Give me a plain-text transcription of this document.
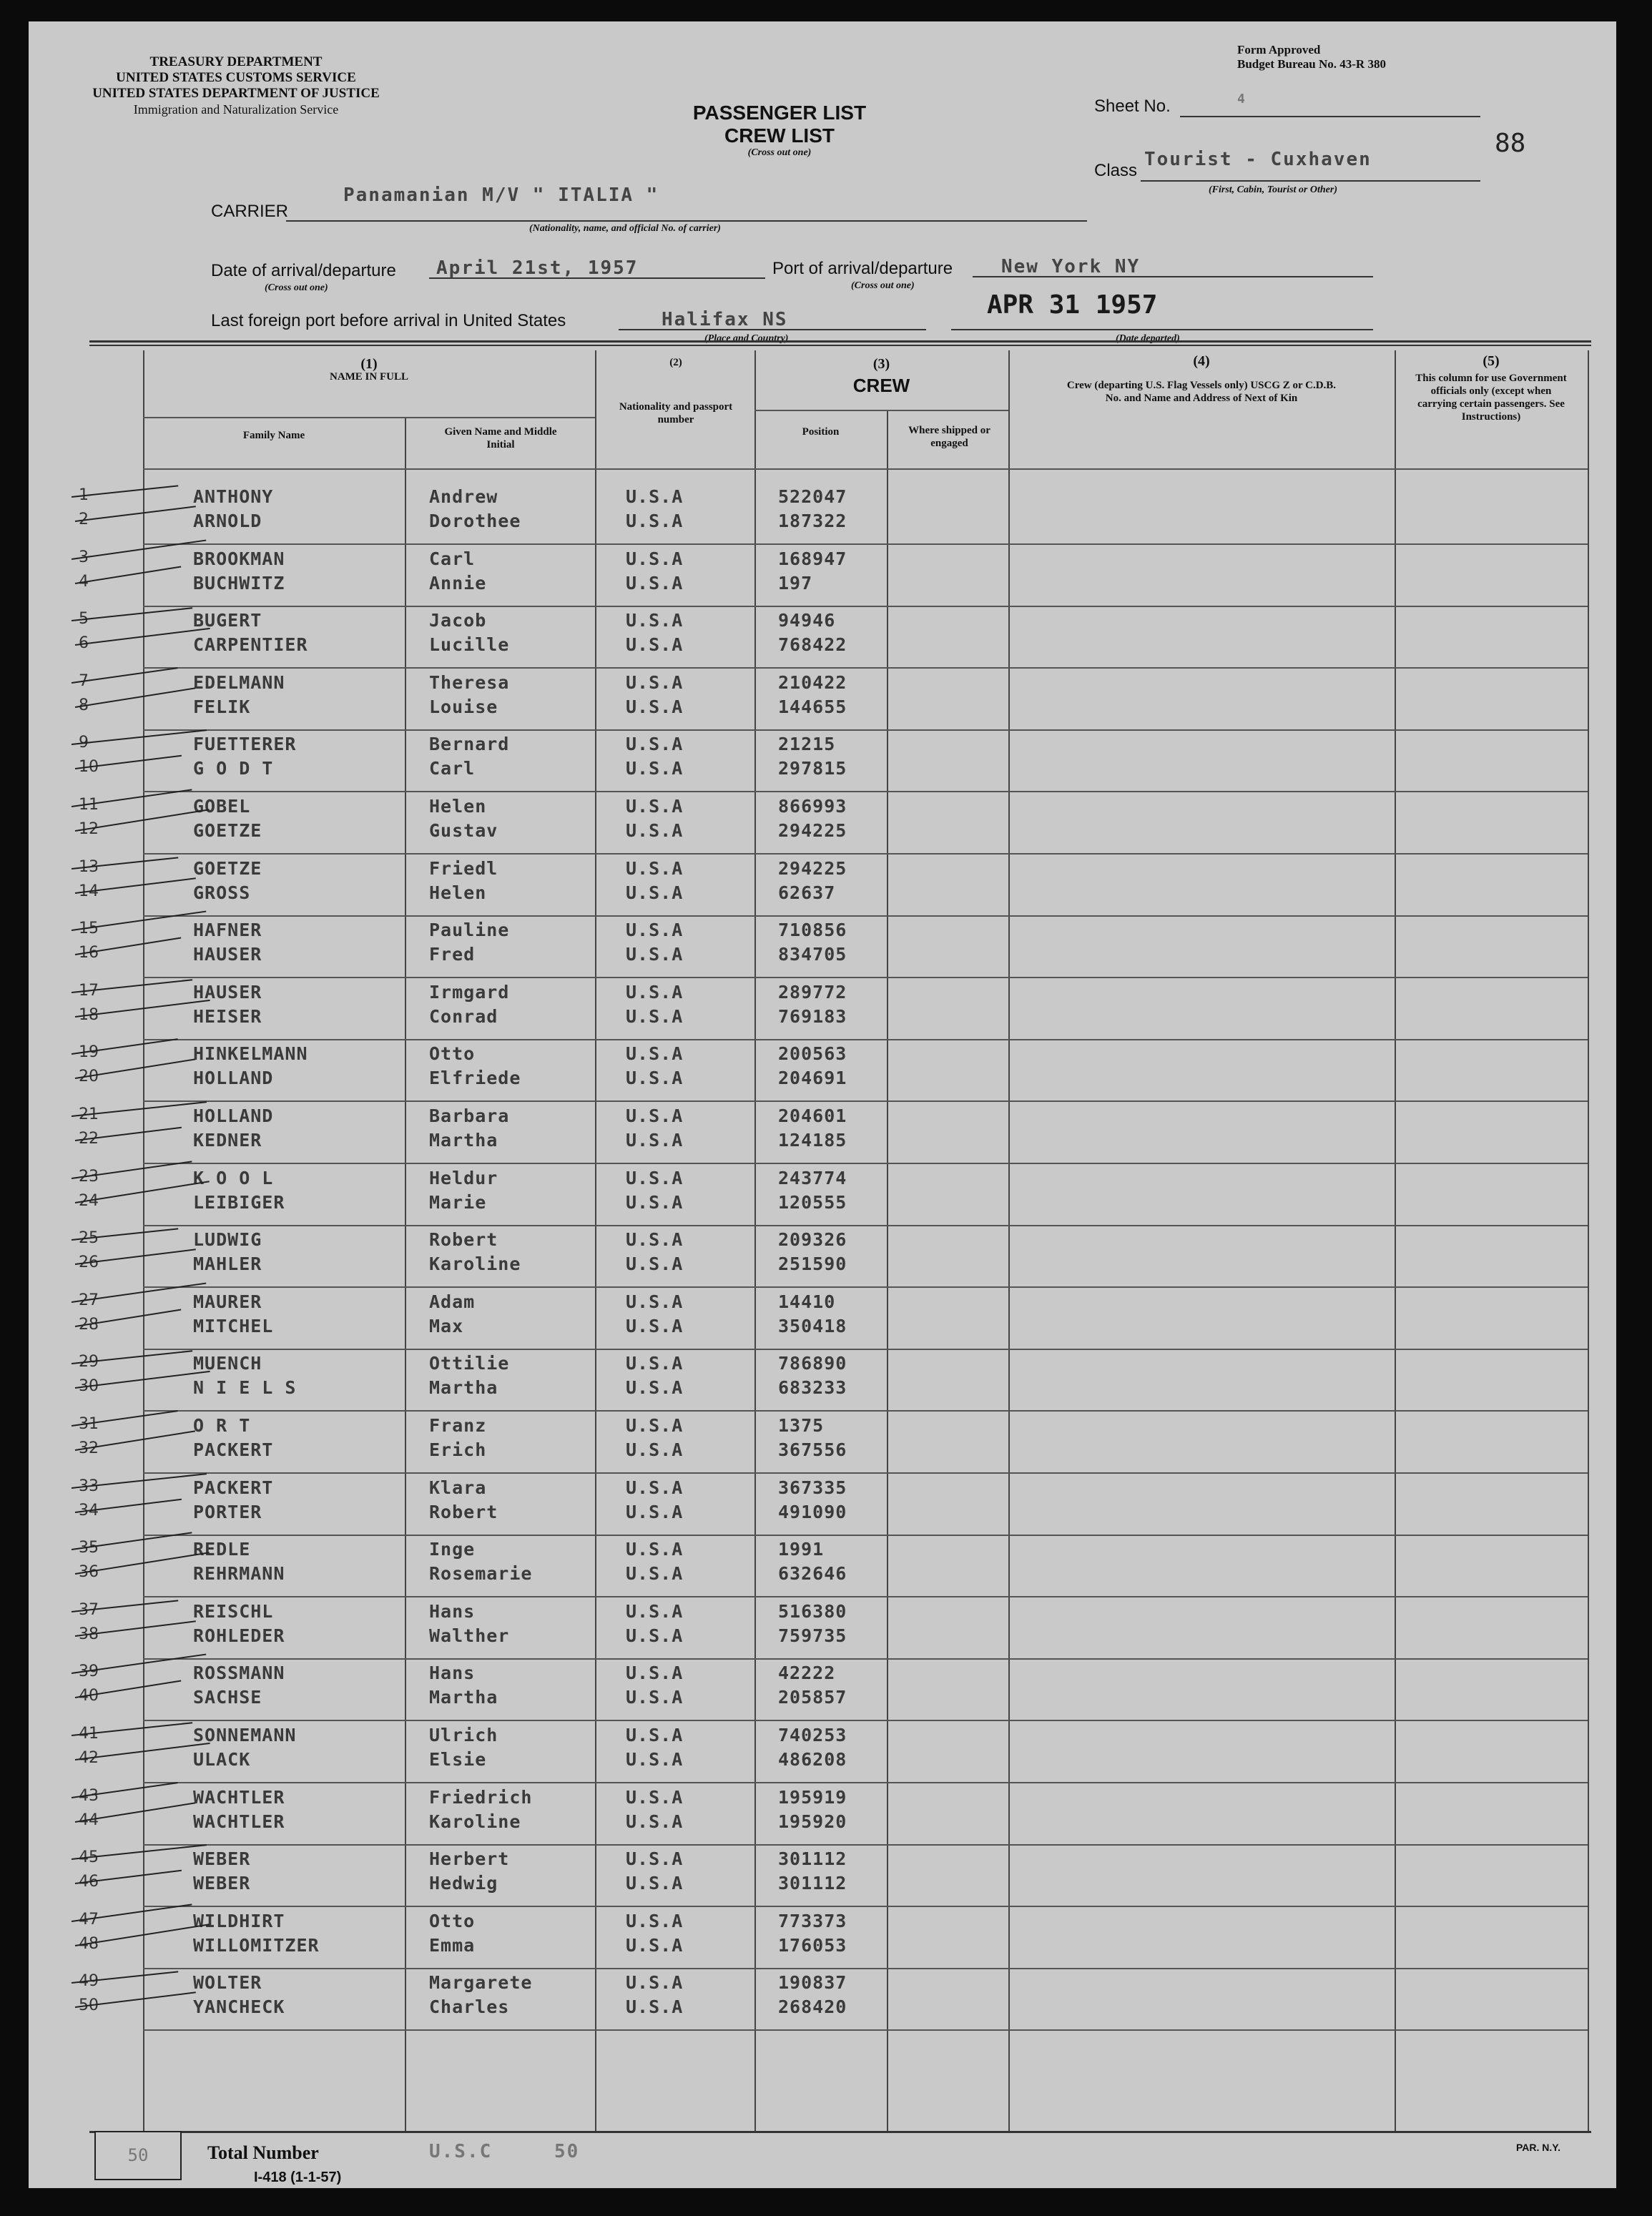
TREASURY DEPARTMENT
UNITED STATES CUSTOMS SERVICE
UNITED STATES DEPARTMENT OF JUSTICE
Immigration and Naturalization Service
Form Approved
Budget Bureau No. 43-R 380
PASSENGER LIST
CREW LIST
(Cross out one)
Sheet No.	4
88
Class
Tourist - Cuxhaven
(First, Cabin, Tourist or Other)
CARRIER
Panamanian M/V " ITALIA "
(Nationality, name, and official No. of carrier)
Date of arrival/departure
(Cross out one)
April 21st, 1957	Port of arrival/departure
(Cross out one)
New York NY
Last foreign port before arrival in United States	Halifax NS
(Place and Country)
APR 31 1957
(Date departed)
(1)
NAME IN FULL
Family Name	Given Name and Middle Initial
(2)
Nationality and passport number
(3)
CREW
Position	Where shipped or engaged
(4)
Crew (departing U.S. Flag Vessels only) USCG Z or C.D.B. No. and Name and Address of Next of Kin
(5)
This column for use Government officials only (except when carrying certain passengers. See Instructions)
1	ANTHONY	Andrew	U.S.A	522047
2	ARNOLD	Dorothee	U.S.A	187322
3	BROOKMAN	Carl	U.S.A	168947
4	BUCHWITZ	Annie	U.S.A	197
5	BUGERT	Jacob	U.S.A	94946
6	CARPENTIER	Lucille	U.S.A	768422
7	EDELMANN	Theresa	U.S.A	210422
8	FELIK	Louise	U.S.A	144655
9	FUETTERER	Bernard	U.S.A	21215
10	G O D T	Carl	U.S.A	297815
11	GOBEL	Helen	U.S.A	866993
12	GOETZE	Gustav	U.S.A	294225
13	GOETZE	Friedl	U.S.A	294225
14	GROSS	Helen	U.S.A	62637
15	HAFNER	Pauline	U.S.A	710856
16	HAUSER	Fred	U.S.A	834705
17	HAUSER	Irmgard	U.S.A	289772
18	HEISER	Conrad	U.S.A	769183
19	HINKELMANN	Otto	U.S.A	200563
20	HOLLAND	Elfriede	U.S.A	204691
21	HOLLAND	Barbara	U.S.A	204601
22	KEDNER	Martha	U.S.A	124185
23	K O O L	Heldur	U.S.A	243774
24	LEIBIGER	Marie	U.S.A	120555
25	LUDWIG	Robert	U.S.A	209326
26	MAHLER	Karoline	U.S.A	251590
27	MAURER	Adam	U.S.A	14410
28	MITCHEL	Max	U.S.A	350418
29	MUENCH	Ottilie	U.S.A	786890
30	N I E L S	Martha	U.S.A	683233
31	O R T	Franz	U.S.A	1375
32	PACKERT	Erich	U.S.A	367556
33	PACKERT	Klara	U.S.A	367335
34	PORTER	Robert	U.S.A	491090
35	REDLE	Inge	U.S.A	1991
36	REHRMANN	Rosemarie	U.S.A	632646
37	REISCHL	Hans	U.S.A	516380
38	ROHLEDER	Walther	U.S.A	759735
39	ROSSMANN	Hans	U.S.A	42222
40	SACHSE	Martha	U.S.A	205857
41	SONNEMANN	Ulrich	U.S.A	740253
42	ULACK	Elsie	U.S.A	486208
43	WACHTLER	Friedrich	U.S.A	195919
44	WACHTLER	Karoline	U.S.A	195920
45	WEBER	Herbert	U.S.A	301112
46	WEBER	Hedwig	U.S.A	301112
47	WILDHIRT	Otto	U.S.A	773373
48	WILLOMITZER	Emma	U.S.A	176053
49	WOLTER	Margarete	U.S.A	190837
50	YANCHECK	Charles	U.S.A	268420
50	Total Number	U.S.C	50
I-418 (1-1-57)
PAR. N.Y.
